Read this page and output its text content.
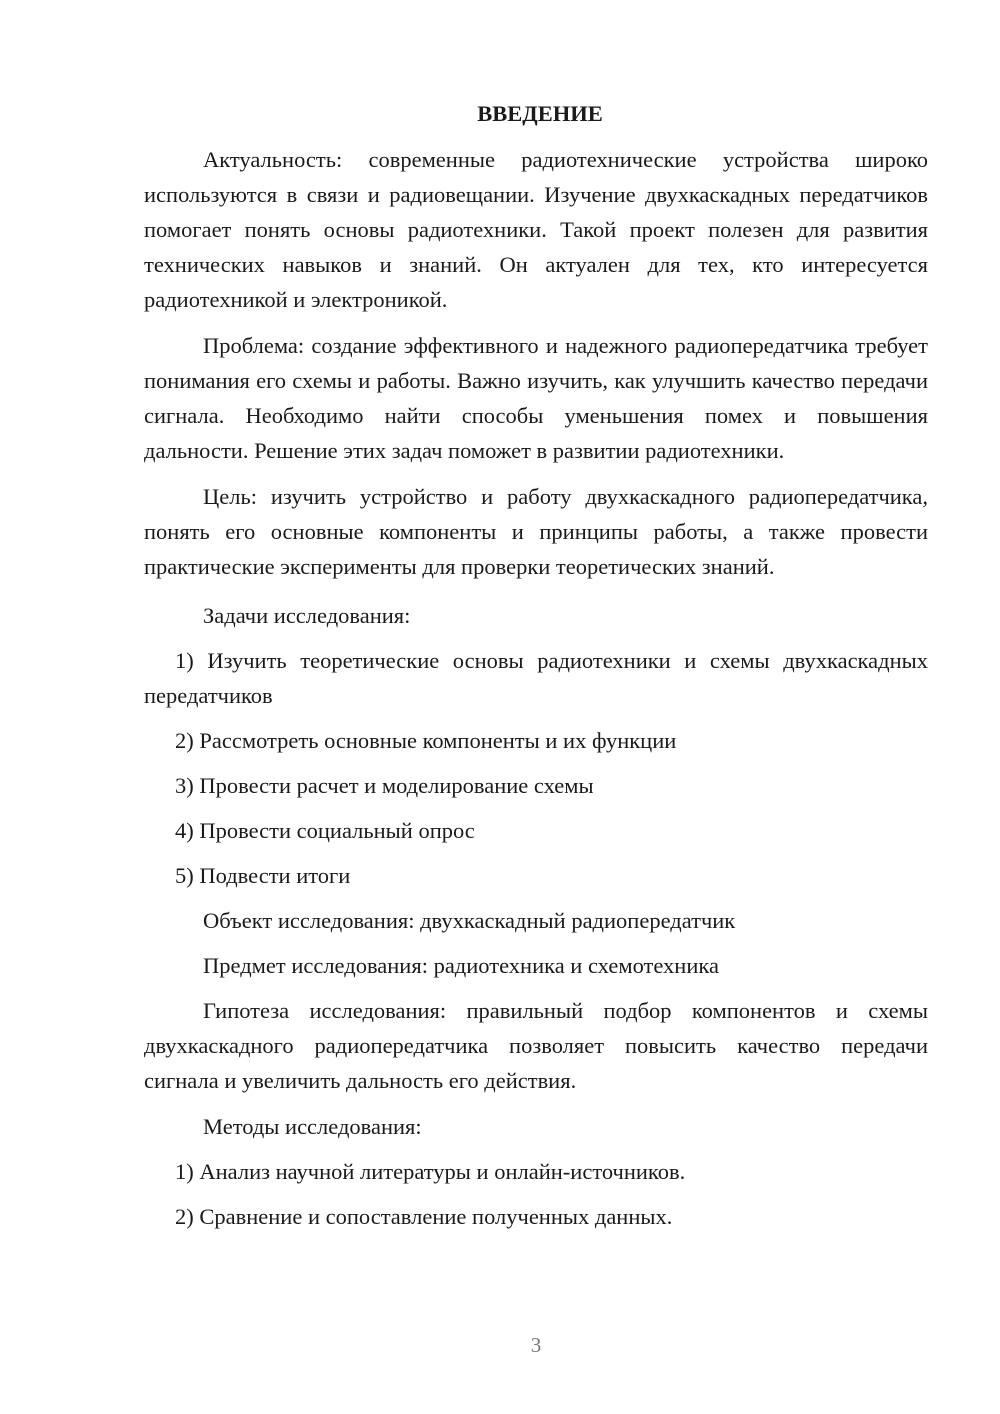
ВВЕДЕНИЕ

Актуальность: современные радиотехнические устройства широко используются в связи и радиовещании. Изучение двухкаскадных передатчиков помогает понять основы радиотехники. Такой проект полезен для развития технических навыков и знаний. Он актуален для тех, кто интересуется радиотехникой и электроникой.

Проблема: создание эффективного и надежного радиопередатчика требует понимания его схемы и работы. Важно изучить, как улучшить качество передачи сигнала. Необходимо найти способы уменьшения помех и повышения дальности. Решение этих задач поможет в развитии радиотехники.

Цель: изучить устройство и работу двухкаскадного радиопередатчика, понять его основные компоненты и принципы работы, а также провести практические эксперименты для проверки теоретических знаний.

Задачи исследования:

1) Изучить теоретические основы радиотехники и схемы двухкаскадных передатчиков

2) Рассмотреть основные компоненты и их функции

3) Провести расчет и моделирование схемы

4) Провести социальный опрос

5) Подвести итоги

Объект исследования: двухкаскадный радиопередатчик

Предмет исследования: радиотехника и схемотехника

Гипотеза исследования: правильный подбор компонентов и схемы двухкаскадного радиопередатчика позволяет повысить качество передачи сигнала и увеличить дальность его действия.

Методы исследования:

1) Анализ научной литературы и онлайн-источников.

2) Сравнение и сопоставление полученных данных.

3
